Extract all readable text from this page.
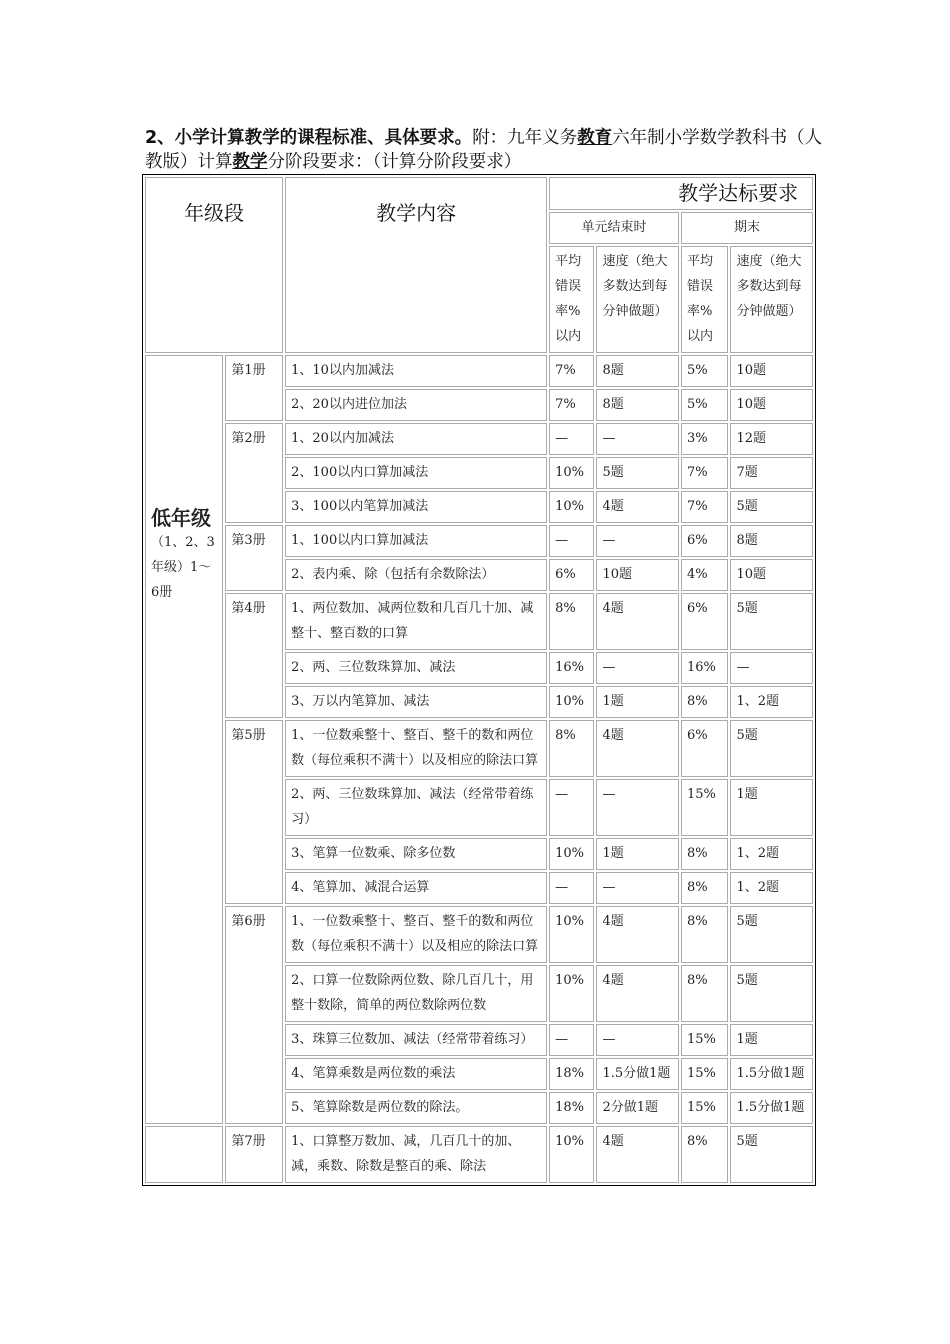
2、小学计算教学的课程标准、具体要求。附：九年义务教育六年制小学数学教科书（人教版）计算教学分阶段要求：（计算分阶段要求）
年级段		教学内容	教学达标要求			
			单元结束时		期末	
			平均错误率%以内	速度（绝大多数达到每分钟做题）	平均错误率%以内	速度（绝大多数达到每分钟做题）

低年级
（1、2、3年级）1～6册	第1册	1、10以内加减法	7%	8题	5%	10题
		2、20以内进位加法	7%	8题	5%	10题
	第2册	1、20以内加减法	—	—	3%	12题
		2、100以内口算加减法	10%	5题	7%	7题
		3、100以内笔算加减法	10%	4题	7%	5题
	第3册	1、100以内口算加减法	—	—	6%	8题
		2、表内乘、除（包括有余数除法）	6%	10题	4%	10题
	第4册	1、两位数加、减两位数和几百几十加、减整十、整百数的口算	8%	4题	6%	5题
		2、两、三位数珠算加、减法	16%	—	16%	—
		3、万以内笔算加、减法	10%	1题	8%	1、2题
	第5册	1、一位数乘整十、整百、整千的数和两位数（每位乘积不满十）以及相应的除法口算	8%	4题	6%	5题
		2、两、三位数珠算加、减法（经常带着练习）	—	—	15%	1题
		3、笔算一位数乘、除多位数	10%	1题	8%	1、2题
		4、笔算加、减混合运算	—	—	8%	1、2题
	第6册	1、一位数乘整十、整百、整千的数和两位数（每位乘积不满十）以及相应的除法口算	10%	4题	8%	5题
		2、口算一位数除两位数、除几百几十，用整十数除，简单的两位数除两位数	10%	4题	8%	5题
		3、珠算三位数加、减法（经常带着练习）	—	—	15%	1题
		4、笔算乘数是两位数的乘法	18%	1.5分做1题	15%	1.5分做1题
		5、笔算除数是两位数的除法。	18%	2分做1题	15%	1.5分做1题
	第7册	1、口算整万数加、减，几百几十的加、减，乘数、除数是整百的乘、除法	10%	4题	8%	5题
